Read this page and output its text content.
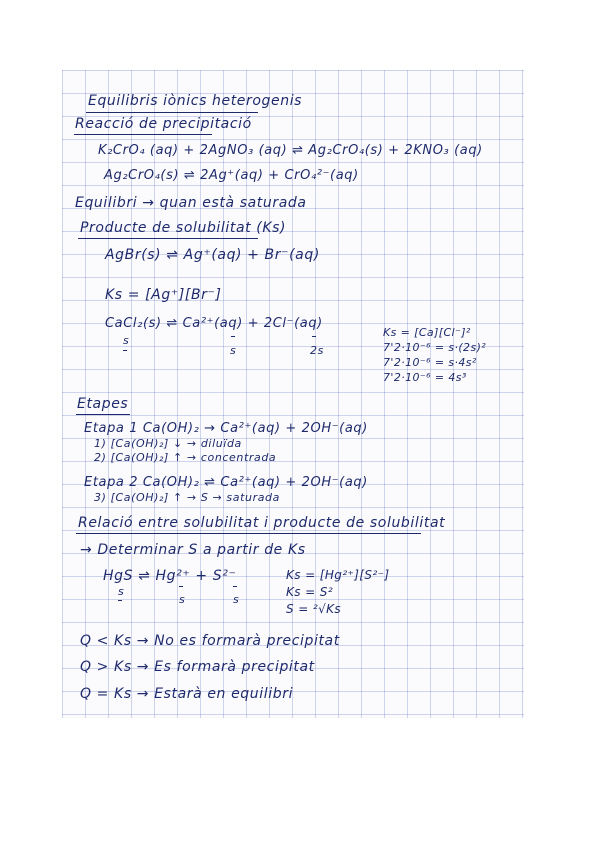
Equilibris iònics heterogenis
Reacció de precipitació
K₂CrO₄ (aq) + 2AgNO₃ (aq) ⇌ Ag₂CrO₄(s) + 2KNO₃ (aq)
Ag₂CrO₄(s) ⇌ 2Ag⁺(aq) + CrO₄²⁻(aq)
Equilibri → quan està saturada
Producte de solubilitat (Ks)
AgBr(s) ⇌ Ag⁺(aq) + Br⁻(aq)
Ks = [Ag⁺][Br⁻]
CaCl₂(s) ⇌ Ca²⁺(aq) + 2Cl⁻(aq)
s
s	2s
Ks = [Ca][Cl⁻]²
7'2·10⁻⁶ = s·(2s)²
7'2·10⁻⁶ = s·4s²
7'2·10⁻⁶ = 4s³
Etapes
Etapa 1 Ca(OH)₂ → Ca²⁺(aq) + 2OH⁻(aq)
1) [Ca(OH)₂] ↓ → diluïda
2) [Ca(OH)₂] ↑ → concentrada
Etapa 2 Ca(OH)₂ ⇌ Ca²⁺(aq) + 2OH⁻(aq)
3) [Ca(OH)₂] ↑ → S → saturada
Relació entre solubilitat i producte de solubilitat
→ Determinar S a partir de Ks
HgS ⇌ Hg²⁺ + S²⁻
s
s	s
Ks = [Hg²⁺][S²⁻]
Ks = S²
S = ²√Ks
Q < Ks → No es formarà precipitat
Q > Ks → Es formarà precipitat
Q = Ks → Estarà en equilibri
